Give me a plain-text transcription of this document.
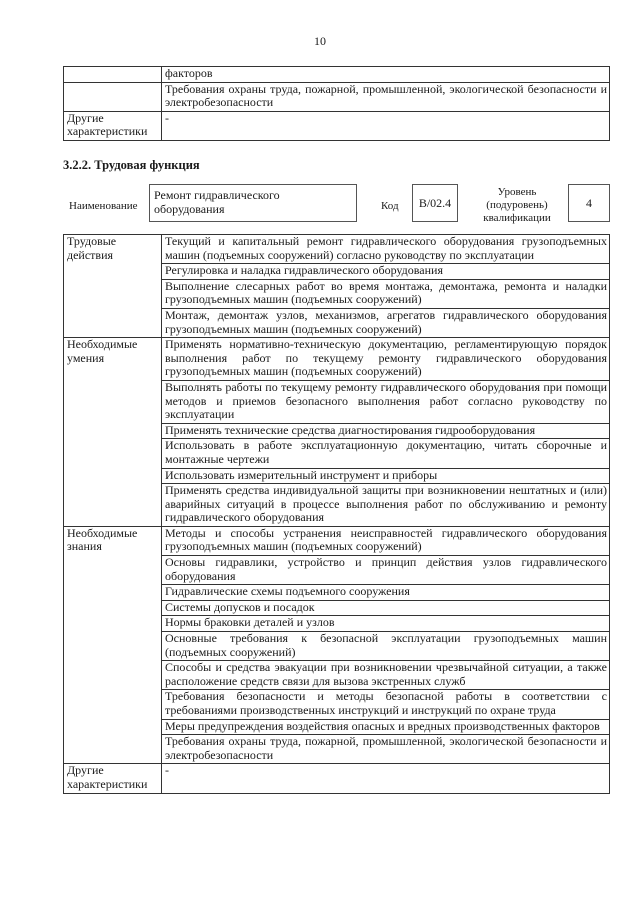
10
	факторов
	Требования охраны труда, пожарной, промышленной, экологической безопасности и электробезопасности
Другие характеристики	-
3.2.2. Трудовая функция
Наименование
Ремонт гидравлического оборудования	Код	B/02.4
Уровень (подуровень) квалификации
4
Трудовые действия	Текущий и капитальный ремонт гидравлического оборудования грузоподъемных машин (подъемных сооружений) согласно руководству по эксплуатации
	Регулировка и наладка гидравлического оборудования
	Выполнение слесарных работ во время монтажа, демонтажа, ремонта и наладки грузоподъемных машин (подъемных сооружений)
	Монтаж, демонтаж узлов, механизмов, агрегатов гидравлического оборудования грузоподъемных машин (подъемных сооружений)
Необходимые умения	Применять нормативно-техническую документацию, регламентирующую порядок выполнения работ по текущему ремонту гидравлического оборудования грузоподъемных машин (подъемных сооружений)
	Выполнять работы по текущему ремонту гидравлического оборудования при помощи методов и приемов безопасного выполнения работ согласно руководству по эксплуатации
	Применять технические средства диагностирования гидрооборудования
	Использовать в работе эксплуатационную документацию, читать сборочные и монтажные чертежи
	Использовать измерительный инструмент и приборы
	Применять средства индивидуальной защиты при возникновении нештатных и (или) аварийных ситуаций в процессе выполнения работ по обслуживанию и ремонту гидравлического оборудования
Необходимые знания	Методы и способы устранения неисправностей гидравлического оборудования грузоподъемных машин (подъемных сооружений)
	Основы гидравлики, устройство и принцип действия узлов гидравлического оборудования
	Гидравлические схемы подъемного сооружения
	Системы допусков и посадок
	Нормы браковки деталей и узлов
	Основные требования к безопасной эксплуатации грузоподъемных машин (подъемных сооружений)
	Способы и средства эвакуации при возникновении чрезвычайной ситуации, а также расположение средств связи для вызова экстренных служб
	Требования безопасности и методы безопасной работы в соответствии с требованиями производственных инструкций и инструкций по охране труда
	Меры предупреждения воздействия опасных и вредных производственных факторов
	Требования охраны труда, пожарной, промышленной, экологической безопасности и электробезопасности
Другие характеристики	-
